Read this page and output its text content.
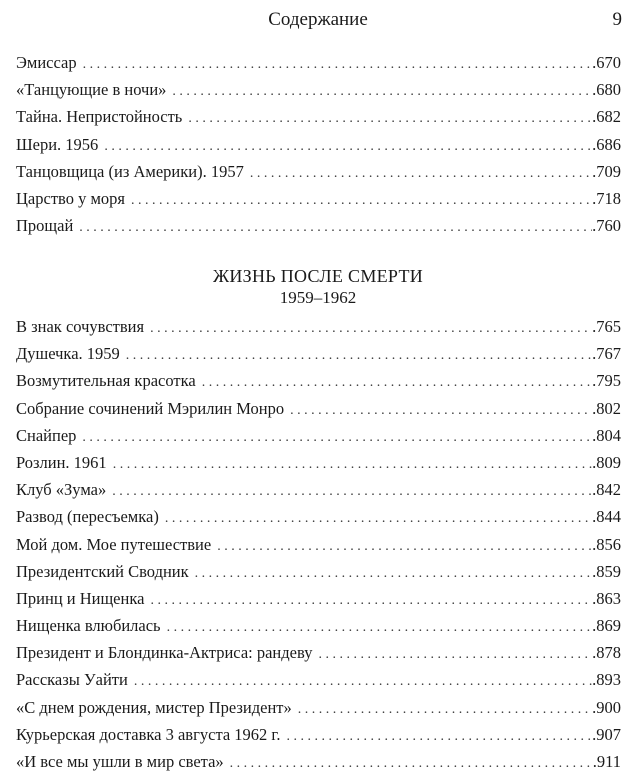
Содержание	9
Эмиссар . . .	.670
«Танцующие в ночи» . . .	.680
Тайна. Непристойность . . .	.682
Шери. 1956 . . .	.686
Танцовщица (из Америки). 1957 . . .	.709
Царство у моря . . .	.718
Прощай . . .	.760
ЖИЗНЬ ПОСЛЕ СМЕРТИ
1959–1962
В знак сочувствия . . .	.765
Душечка. 1959 . . .	.767
Возмутительная красотка . . .	.795
Собрание сочинений Мэрилин Монро . . .	.802
Снайпер . . .	.804
Розлин. 1961 . . .	.809
Клуб «Зума» . . .	.842
Развод (пересъемка) . . .	.844
Мой дом. Мое путешествие . . .	.856
Президентский Сводник . . .	.859
Принц и Нищенка . . .	.863
Нищенка влюбилась . . .	.869
Президент и Блондинка-Актриса: рандеву . . .	.878
Рассказы Уайти . . .	.893
«С днем рождения, мистер Президент» . . .	.900
Курьерская доставка 3 августа 1962 г. . . .	.907
«И все мы ушли в мир света» . . .	.911
